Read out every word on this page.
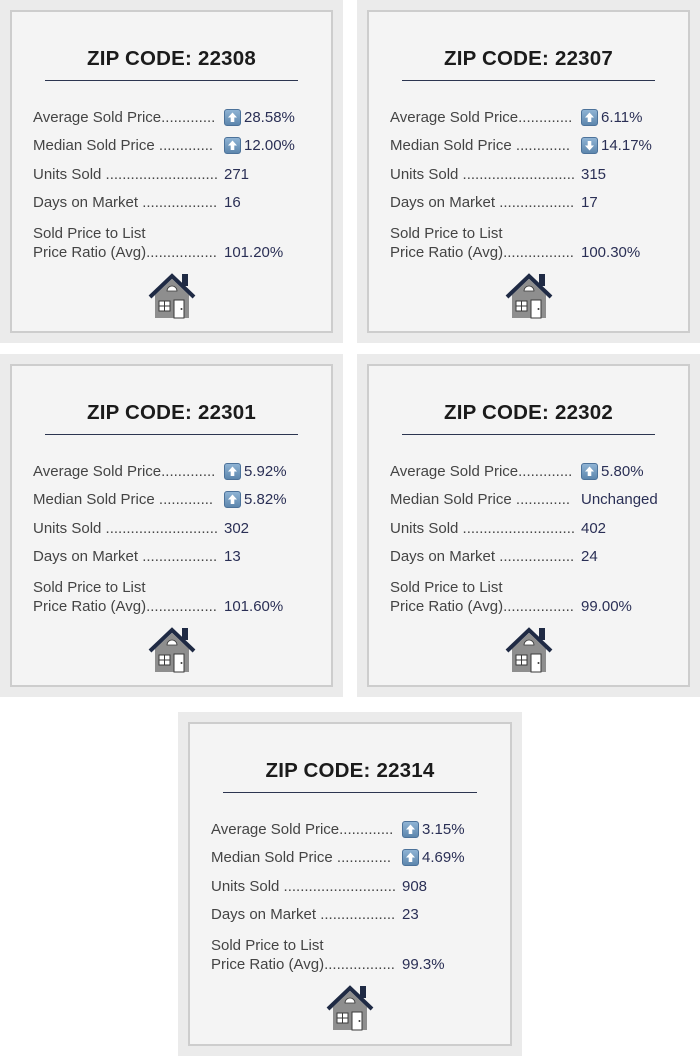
ZIP CODE: 22308
Average Sold Price.............	28.58%
Median Sold Price .............	12.00%
Units Sold ........................... 271
Days on Market .................. 16
Sold Price to List
Price Ratio (Avg)................. 101.20%
ZIP CODE: 22307
Average Sold Price.............	6.11%
Median Sold Price .............	14.17%
Units Sold ........................... 315
Days on Market .................. 17
Sold Price to List
Price Ratio (Avg)................. 100.30%
ZIP CODE: 22301
Average Sold Price.............	5.92%
Median Sold Price .............	5.82%
Units Sold ........................... 302
Days on Market .................. 13
Sold Price to List
Price Ratio (Avg)................. 101.60%
ZIP CODE: 22302
Average Sold Price.............	5.80%
Median Sold Price ............. Unchanged
Units Sold ........................... 402
Days on Market .................. 24
Sold Price to List
Price Ratio (Avg)................. 99.00%
ZIP CODE: 22314
Average Sold Price.............	3.15%
Median Sold Price .............	4.69%
Units Sold ........................... 908
Days on Market .................. 23
Sold Price to List
Price Ratio (Avg)................. 99.3%
